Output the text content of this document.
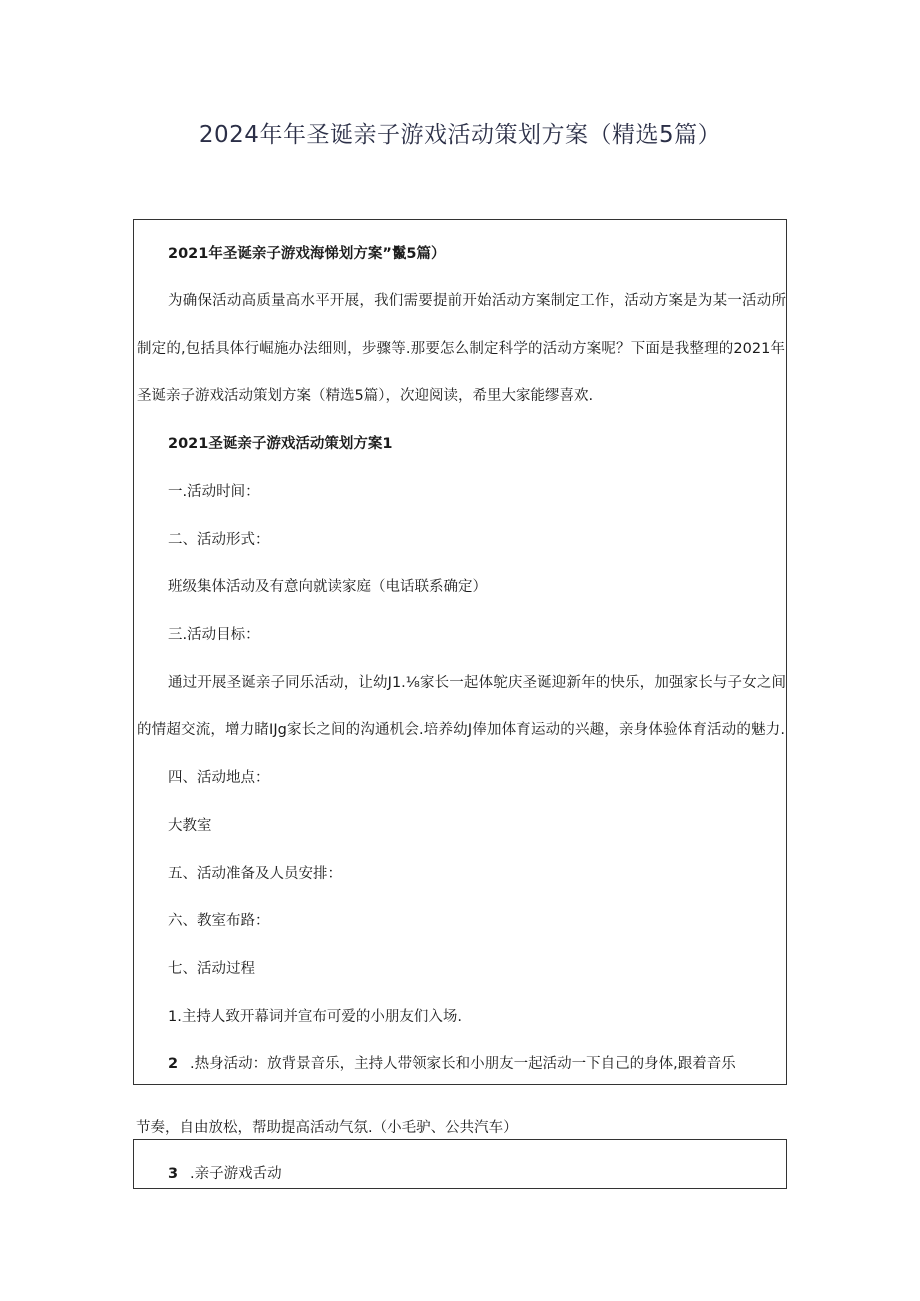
2024年年圣诞亲子游戏活动策划方案（精选5篇）
2021年圣诞亲子游戏海悌划方案”鬣5篇）
为确保活动高质量高水平开展，我们需要提前开始活动方案制定工作，活动方案是为某一活动所
制定的,包括具体行崛施办法细则，步骤等.那要怎么制定科学的活动方案呢？下面是我整理的2021年
圣诞亲子游戏活动策划方案（精选5篇），次迎阅读，希里大家能缪喜欢.
2021圣诞亲子游戏活动策划方案1
一.活动时间：
二、活动形式：
班级集体活动及有意向就读家庭（电话联系确定）
三.活动目标：
通过开展圣诞亲子同乐活动，让幼J1.⅛家长一起体鸵庆圣诞迎新年的快乐，加强家长与子女之间
的情超交流，增力睹IJg家长之间的沟通机会.培养幼J俸加体育运动的兴趣，亲身体验体育活动的魅力.
四、活动地点：
大教室
五、活动准备及人员安排：
六、教室布路：
七、活动过程
1.主持人致开幕词并宣布可爱的小朋友们入场.
2 .热身活动：放背景音乐，主持人带领家长和小朋友一起活动一下自己的身体,跟着音乐
节奏，自由放松，帮助提高活动气氛.（小毛驴、公共汽车）
3 .亲子游戏舌动
